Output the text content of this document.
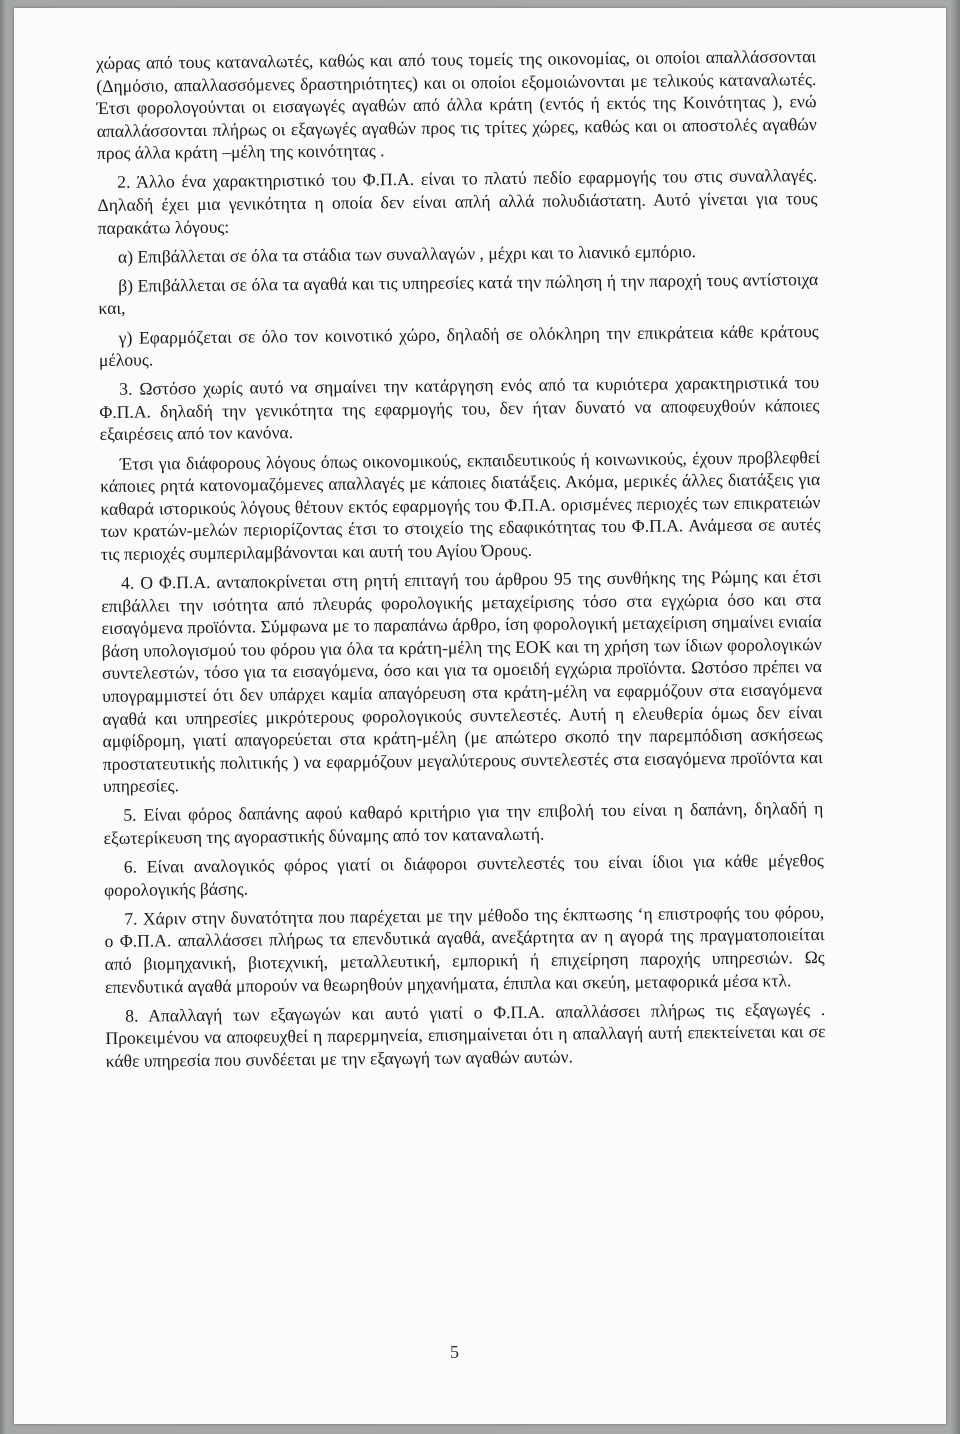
χώρας από τους καταναλωτές, καθώς και από τους τομείς της οικονομίας, οι οποίοι απαλλάσσονται (Δημόσιο, απαλλασσόμενες δραστηριότητες) και οι οποίοι εξομοιώνονται με τελικούς καταναλωτές. Έτσι φορολογούνται οι εισαγωγές αγαθών από άλλα κράτη (εντός ή εκτός της Κοινότητας ), ενώ απαλλάσσονται πλήρως οι εξαγωγές αγαθών προς τις τρίτες χώρες, καθώς και οι αποστολές αγαθών προς άλλα κράτη –μέλη της κοινότητας .

2. Άλλο ένα χαρακτηριστικό του Φ.Π.Α. είναι το πλατύ πεδίο εφαρμογής του στις συναλλαγές. Δηλαδή έχει μια γενικότητα η οποία δεν είναι απλή αλλά πολυδιάστατη. Αυτό γίνεται για τους παρακάτω λόγους:

α) Επιβάλλεται σε όλα τα στάδια των συναλλαγών , μέχρι και το λιανικό εμπόριο.

β) Επιβάλλεται σε όλα τα αγαθά και τις υπηρεσίες κατά την πώληση ή την παροχή τους αντίστοιχα και,

γ) Εφαρμόζεται σε όλο τον κοινοτικό χώρο, δηλαδή σε ολόκληρη την επικράτεια κάθε κράτους μέλους.

3. Ωστόσο χωρίς αυτό να σημαίνει την κατάργηση ενός από τα κυριότερα χαρακτηριστικά του Φ.Π.Α. δηλαδή την γενικότητα της εφαρμογής του, δεν ήταν δυνατό να αποφευχθούν κάποιες εξαιρέσεις από τον κανόνα.

Έτσι για διάφορους λόγους όπως οικονομικούς, εκπαιδευτικούς ή κοινωνικούς, έχουν προβλεφθεί κάποιες ρητά κατονομαζόμενες απαλλαγές με κάποιες διατάξεις. Ακόμα, μερικές άλλες διατάξεις για καθαρά ιστορικούς λόγους θέτουν εκτός εφαρμογής του Φ.Π.Α. ορισμένες περιοχές των επικρατειών των κρατών-μελών περιορίζοντας έτσι το στοιχείο της εδαφικότητας του Φ.Π.Α. Ανάμεσα σε αυτές τις περιοχές συμπεριλαμβάνονται και αυτή του Αγίου Όρους.

4. Ο Φ.Π.Α. ανταποκρίνεται στη ρητή επιταγή του άρθρου 95 της συνθήκης της Ρώμης και έτσι επιβάλλει την ισότητα από πλευράς φορολογικής μεταχείρισης τόσο στα εγχώρια όσο και στα εισαγόμενα προϊόντα. Σύμφωνα με το παραπάνω άρθρο, ίση φορολογική μεταχείριση σημαίνει ενιαία βάση υπολογισμού του φόρου για όλα τα κράτη-μέλη της ΕΟΚ και τη χρήση των ίδιων φορολογικών συντελεστών, τόσο για τα εισαγόμενα, όσο και για τα ομοειδή εγχώρια προϊόντα. Ωστόσο πρέπει να υπογραμμιστεί ότι δεν υπάρχει καμία απαγόρευση στα κράτη-μέλη να εφαρμόζουν στα εισαγόμενα αγαθά και υπηρεσίες μικρότερους φορολογικούς συντελεστές. Αυτή η ελευθερία όμως δεν είναι αμφίδρομη, γιατί απαγορεύεται στα κράτη-μέλη (με απώτερο σκοπό την παρεμπόδιση ασκήσεως προστατευτικής πολιτικής ) να εφαρμόζουν μεγαλύτερους συντελεστές στα εισαγόμενα προϊόντα και υπηρεσίες.

5. Είναι φόρος δαπάνης αφού καθαρό κριτήριο για την επιβολή του είναι η δαπάνη, δηλαδή η εξωτερίκευση της αγοραστικής δύναμης από τον καταναλωτή.

6. Είναι αναλογικός φόρος γιατί οι διάφοροι συντελεστές του είναι ίδιοι για κάθε μέγεθος φορολογικής βάσης.

7. Χάριν στην δυνατότητα που παρέχεται με την μέθοδο της έκπτωσης ‘η επιστροφής του φόρου, ο Φ.Π.Α. απαλλάσσει πλήρως τα επενδυτικά αγαθά, ανεξάρτητα αν η αγορά της πραγματοποιείται από βιομηχανική, βιοτεχνική, μεταλλευτική, εμπορική ή επιχείρηση παροχής υπηρεσιών. Ως επενδυτικά αγαθά μπορούν να θεωρηθούν μηχανήματα, έπιπλα και σκεύη, μεταφορικά μέσα κτλ.

8. Απαλλαγή των εξαγωγών και αυτό γιατί ο Φ.Π.Α. απαλλάσσει πλήρως τις εξαγωγές . Προκειμένου να αποφευχθεί η παρερμηνεία, επισημαίνεται ότι η απαλλαγή αυτή επεκτείνεται και σε κάθε υπηρεσία που συνδέεται με την εξαγωγή των αγαθών αυτών.

5
